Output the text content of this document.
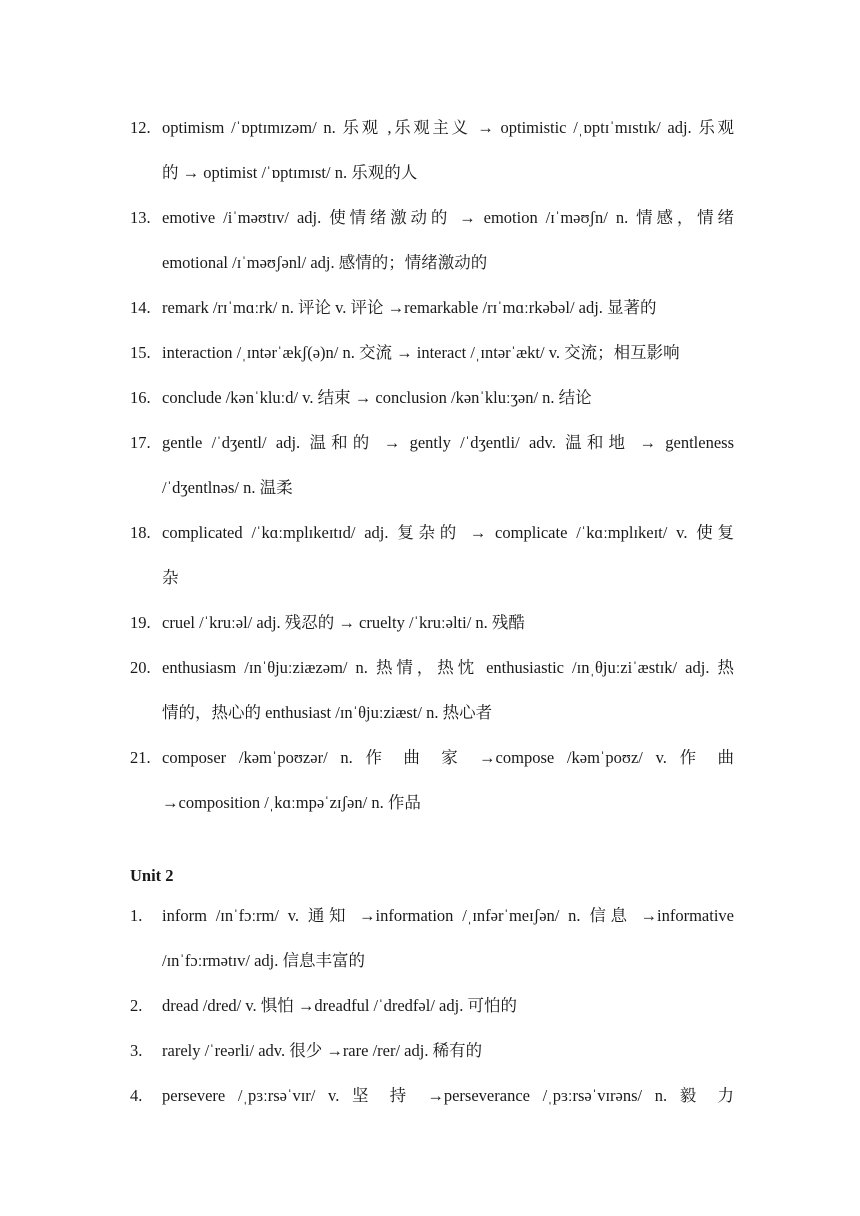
12. optimism /ˈɒptɪmɪzəm/ n. 乐观 ,乐观主义 → optimistic /ˌɒptɪˈmɪstɪk/ adj. 乐观
的 → optimist /ˈɒptɪmɪst/ n. 乐观的人
13. emotive /iˈməʊtɪv/ adj. 使情绪激动的 → emotion /ɪˈməʊʃn/ n. 情感，情绪
emotional /ɪˈməʊʃənl/ adj. 感情的；情绪激动的
14. remark /rɪˈmɑːrk/ n. 评论 v. 评论 →remarkable /rɪˈmɑːrkəbəl/ adj. 显著的
15. interaction /ˌɪntərˈækʃ(ə)n/ n. 交流 → interact /ˌɪntərˈækt/ v. 交流；相互影响
16. conclude /kənˈkluːd/ v. 结束 → conclusion /kənˈkluːʒən/ n. 结论
17. gentle /ˈdʒentl/ adj. 温和的 → gently /ˈdʒentli/ adv. 温和地 → gentleness
/ˈdʒentlnəs/ n. 温柔
18. complicated /ˈkɑːmplɪkeɪtɪd/ adj. 复杂的 → complicate /ˈkɑːmplɪkeɪt/ v. 使复
杂
19. cruel /ˈkruːəl/ adj. 残忍的 → cruelty /ˈkruːəlti/ n. 残酷
20. enthusiasm /ɪnˈθjuːziæzəm/ n. 热情，热忱 enthusiastic /ɪnˌθjuːziˈæstɪk/ adj. 热
情的，热心的 enthusiast /ɪnˈθjuːziæst/ n. 热心者
21. composer /kəmˈpoʊzər/ n. 作 曲 家 →compose /kəmˈpoʊz/ v. 作 曲
→composition /ˌkɑːmpəˈzɪʃən/ n. 作品
Unit 2
1.	inform /ɪnˈfɔːrm/ v. 通知 →information /ˌɪnfərˈmeɪʃən/ n. 信息 →informative
/ɪnˈfɔːrmətɪv/ adj. 信息丰富的
2.	dread /dred/ v. 惧怕 →dreadful /ˈdredfəl/ adj. 可怕的
3.	rarely /ˈreərli/ adv. 很少 →rare /rer/ adj. 稀有的
4.	persevere /ˌpɜːrsəˈvɪr/ v. 坚 持 →perseverance /ˌpɜːrsəˈvɪrəns/ n. 毅 力
